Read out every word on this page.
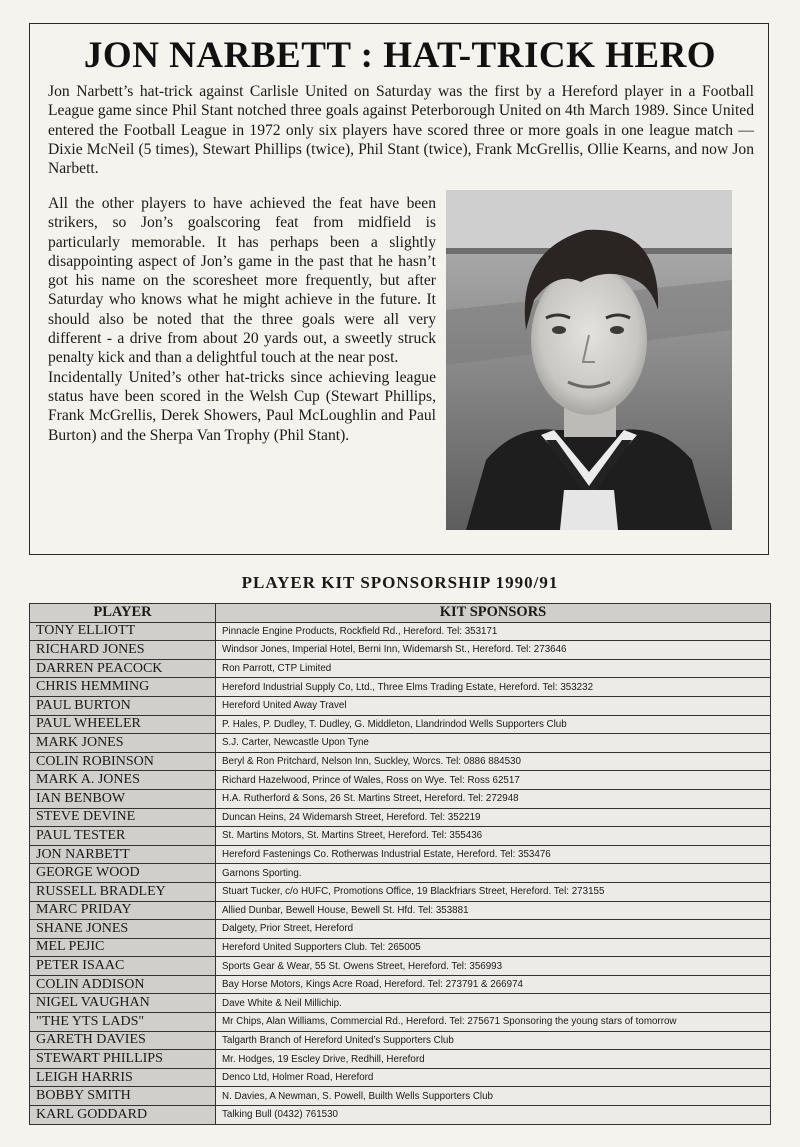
JON NARBETT : HAT-TRICK HERO

Jon Narbett’s hat-trick against Carlisle United on Saturday was the first by a Hereford player in a Football League game since Phil Stant notched three goals against Peterborough United on 4th March 1989. Since United entered the Football League in 1972 only six players have scored three or more goals in one league match — Dixie McNeil (5 times), Stewart Phillips (twice), Phil Stant (twice), Frank McGrellis, Ollie Kearns, and now Jon Narbett.

All the other players to have achieved the feat have been strikers, so Jon’s goalscoring feat from midfield is particularly memorable. It has perhaps been a slightly disappointing aspect of Jon’s game in the past that he hasn’t got his name on the scoresheet more frequently, but after Saturday who knows what he might achieve in the future. It should also be noted that the three goals were all very different - a drive from about 20 yards out, a sweetly struck penalty kick and than a delightful touch at the near post.

Incidentally United’s other hat-tricks since achieving league status have been scored in the Welsh Cup (Stewart Phillips, Frank McGrellis, Derek Showers, Paul McLoughlin and Paul Burton) and the Sherpa Van Trophy (Phil Stant).

PLAYER KIT SPONSORSHIP 1990/91
PLAYER	KIT SPONSORS
TONY ELLIOTT	Pinnacle Engine Products, Rockfield Rd., Hereford. Tel: 353171
RICHARD JONES	Windsor Jones, Imperial Hotel, Berni Inn, Widemarsh St., Hereford. Tel: 273646
DARREN PEACOCK	Ron Parrott, CTP Limited
CHRIS HEMMING	Hereford Industrial Supply Co, Ltd., Three Elms Trading Estate, Hereford. Tel: 353232
PAUL BURTON	Hereford United Away Travel
PAUL WHEELER	P. Hales, P. Dudley, T. Dudley, G. Middleton, Llandrindod Wells Supporters Club
MARK JONES	S.J. Carter, Newcastle Upon Tyne
COLIN ROBINSON	Beryl & Ron Pritchard, Nelson Inn, Suckley, Worcs. Tel: 0886 884530
MARK A. JONES	Richard Hazelwood, Prince of Wales, Ross on Wye. Tel: Ross 62517
IAN BENBOW	H.A. Rutherford & Sons, 26 St. Martins Street, Hereford. Tel: 272948
STEVE DEVINE	Duncan Heins, 24 Widemarsh Street, Hereford. Tel: 352219
PAUL TESTER	St. Martins Motors, St. Martins Street, Hereford. Tel: 355436
JON NARBETT	Hereford Fastenings Co. Rotherwas Industrial Estate, Hereford. Tel: 353476
GEORGE WOOD	Garnons Sporting.
RUSSELL BRADLEY	Stuart Tucker, c/o HUFC, Promotions Office, 19 Blackfriars Street, Hereford. Tel: 273155
MARC PRIDAY	Allied Dunbar, Bewell House, Bewell St. Hfd. Tel: 353881
SHANE JONES	Dalgety, Prior Street, Hereford
MEL PEJIC	Hereford United Supporters Club. Tel: 265005
PETER ISAAC	Sports Gear & Wear, 55 St. Owens Street, Hereford. Tel: 356993
COLIN ADDISON	Bay Horse Motors, Kings Acre Road, Hereford. Tel: 273791 & 266974
NIGEL VAUGHAN	Dave White & Neil Millichip.
"THE YTS LADS"	Mr Chips, Alan Williams, Commercial Rd., Hereford. Tel: 275671 Sponsoring the young stars of tomorrow
GARETH DAVIES	Talgarth Branch of Hereford United’s Supporters Club
STEWART PHILLIPS	Mr. Hodges, 19 Escley Drive, Redhill, Hereford
LEIGH HARRIS	Denco Ltd, Holmer Road, Hereford
BOBBY SMITH	N. Davies, A Newman, S. Powell, Builth Wells Supporters Club
KARL GODDARD	Talking Bull (0432) 761530
